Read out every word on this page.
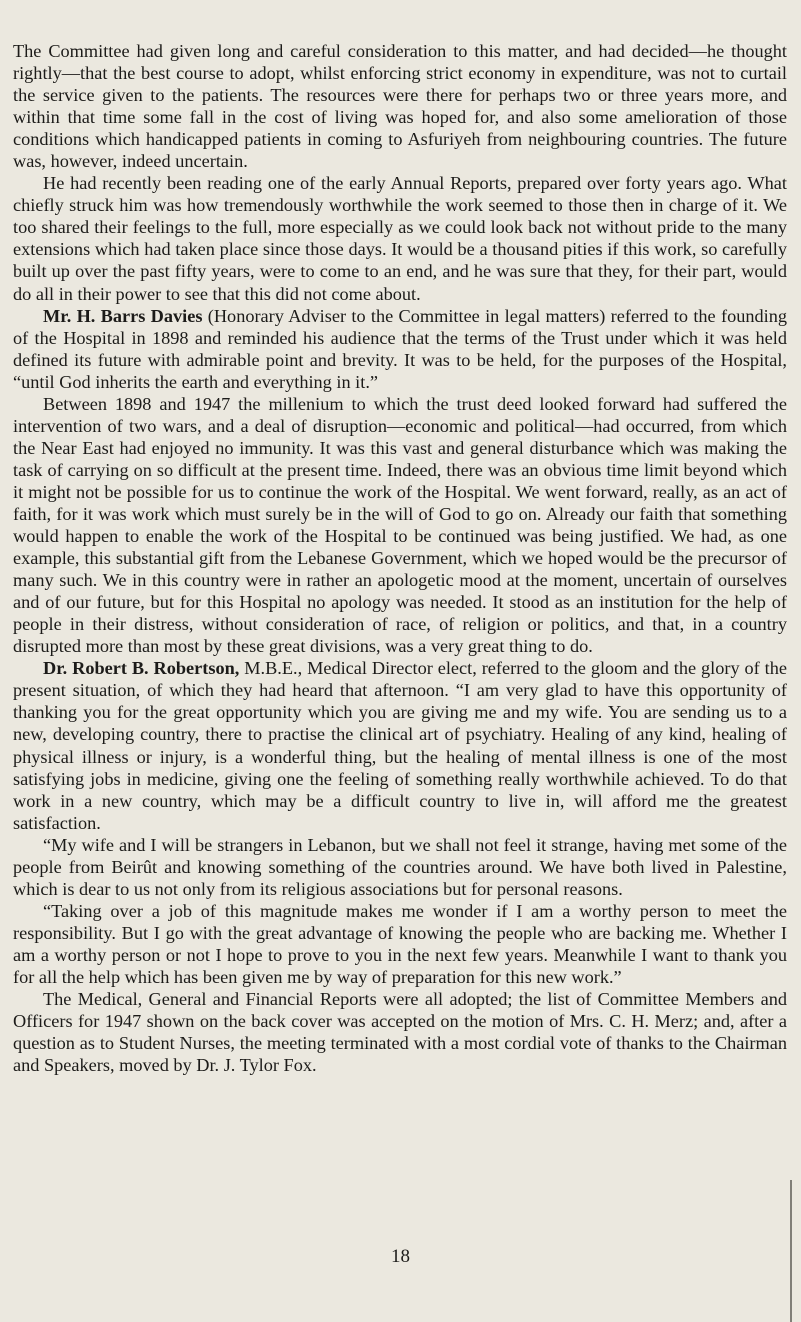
The Committee had given long and careful consideration to this matter, and had decided—he thought rightly—that the best course to adopt, whilst enforcing strict economy in expenditure, was not to curtail the service given to the patients. The resources were there for perhaps two or three years more, and within that time some fall in the cost of living was hoped for, and also some amelioration of those conditions which handicapped patients in coming to Asfuriyeh from neighbouring countries. The future was, however, indeed uncertain.

He had recently been reading one of the early Annual Reports, prepared over forty years ago. What chiefly struck him was how tremendously worthwhile the work seemed to those then in charge of it. We too shared their feelings to the full, more especially as we could look back not without pride to the many extensions which had taken place since those days. It would be a thousand pities if this work, so carefully built up over the past fifty years, were to come to an end, and he was sure that they, for their part, would do all in their power to see that this did not come about.

Mr. H. Barrs Davies (Honorary Adviser to the Committee in legal matters) referred to the founding of the Hospital in 1898 and reminded his audience that the terms of the Trust under which it was held defined its future with admirable point and brevity. It was to be held, for the purposes of the Hospital, “until God inherits the earth and everything in it.”

Between 1898 and 1947 the millenium to which the trust deed looked forward had suffered the intervention of two wars, and a deal of disruption—economic and political—had occurred, from which the Near East had enjoyed no immunity. It was this vast and general disturbance which was making the task of carrying on so difficult at the present time. Indeed, there was an obvious time limit beyond which it might not be possible for us to continue the work of the Hospital. We went forward, really, as an act of faith, for it was work which must surely be in the will of God to go on. Already our faith that something would happen to enable the work of the Hospital to be continued was being justified. We had, as one example, this substantial gift from the Lebanese Government, which we hoped would be the precursor of many such. We in this country were in rather an apologetic mood at the moment, uncertain of ourselves and of our future, but for this Hospital no apology was needed. It stood as an institution for the help of people in their distress, without consideration of race, of religion or politics, and that, in a country disrupted more than most by these great divisions, was a very great thing to do.

Dr. Robert B. Robertson, M.B.E., Medical Director elect, referred to the gloom and the glory of the present situation, of which they had heard that afternoon. “I am very glad to have this opportunity of thanking you for the great opportunity which you are giving me and my wife. You are sending us to a new, developing country, there to practise the clinical art of psychiatry. Healing of any kind, healing of physical illness or injury, is a wonderful thing, but the healing of mental illness is one of the most satisfying jobs in medicine, giving one the feeling of something really worthwhile achieved. To do that work in a new country, which may be a difficult country to live in, will afford me the greatest satisfaction.

“My wife and I will be strangers in Lebanon, but we shall not feel it strange, having met some of the people from Beirût and knowing something of the countries around. We have both lived in Palestine, which is dear to us not only from its religious associations but for personal reasons.

“Taking over a job of this magnitude makes me wonder if I am a worthy person to meet the responsibility. But I go with the great advantage of knowing the people who are backing me. Whether I am a worthy person or not I hope to prove to you in the next few years. Meanwhile I want to thank you for all the help which has been given me by way of preparation for this new work.”

The Medical, General and Financial Reports were all adopted; the list of Committee Members and Officers for 1947 shown on the back cover was accepted on the motion of Mrs. C. H. Merz; and, after a question as to Student Nurses, the meeting terminated with a most cordial vote of thanks to the Chairman and Speakers, moved by Dr. J. Tylor Fox.

18
